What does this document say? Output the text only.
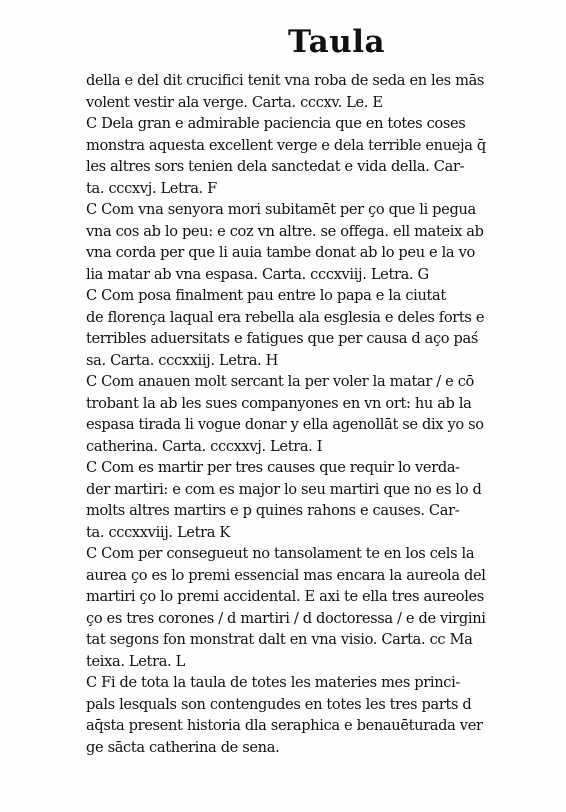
Taula
della e del dit crucifici tenit vna roba de seda en les mās
volent vestir ala verge. Carta. cccxv. Le. E
C Dela gran e admirable paciencia que en totes coses
monstra aquesta excellent verge e dela terrible enueja q̄
les altres sors tenien dela sanctedat e vida della. Car-
ta. cccxvj. Letra. F
C Com vna senyora mori subitamēt per ço que li pegua
vna cos ab lo peu: e coz vn altre. se offega. ell mateix ab
vna corda per que li auia tambe donat ab lo peu e la vo
lia matar ab vna espasa. Carta. cccxviij. Letra. G
C Com posa finalment pau entre lo papa e la ciutat
de florença laqual era rebella ala esglesia e deles forts e
terribles aduersitats e fatigues que per causa d aço paś
sa. Carta. cccxxiij. Letra. H
C Com anauen molt sercant la per voler la matar / e cō
trobant la ab les sues companyones en vn ort: hu ab la
espasa tirada li vogue donar y ella agenollāt se dix yo so
catherina. Carta. cccxxvj. Letra. I
C Com es martir per tres causes que requir lo verda-
der martiri: e com es major lo seu martiri que no es lo d
molts altres martirs e p quines rahons e causes. Car-
ta. cccxxviij. Letra K
C Com per consegueut no tansolament te en los cels la
aurea ço es lo premi essencial mas encara la aureola del
martiri ço lo premi accidental. E axi te ella tres aureoles
ço es tres corones / d martiri / d doctoressa / e de virgini
tat segons fon monstrat dalt en vna visio. Carta. cc Ma
teixa. Letra. L
C Fi de tota la taula de totes les materies mes princi-
pals lesquals son contengudes en totes les tres parts d
aq̄sta present historia dla seraphica e benauēturada ver
ge sācta catherina de sena.
